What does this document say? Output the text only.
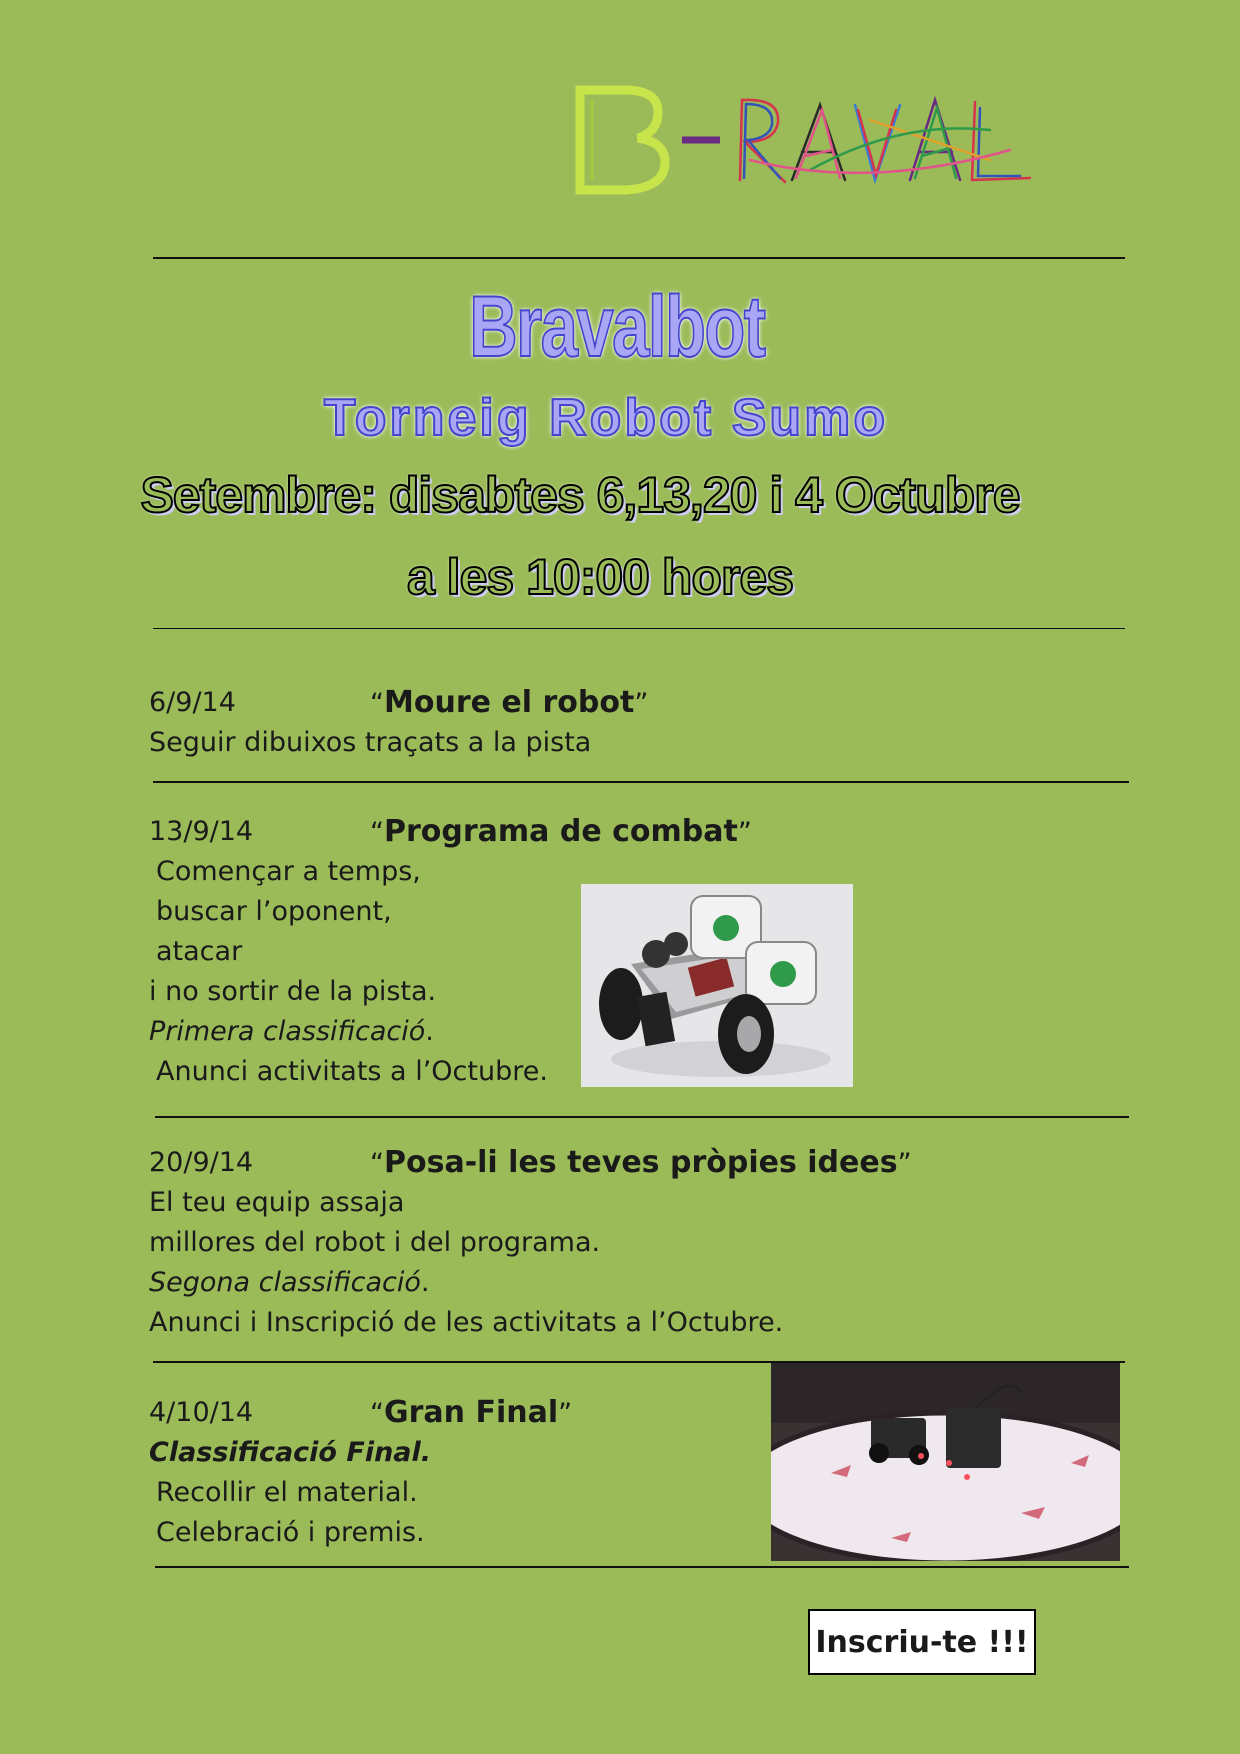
Bravalbot
Torneig Robot Sumo
Setembre: disabtes 6,13,20 i 4 Octubre
a les 10:00 hores
6/9/14	“Moure el robot”
Seguir dibuixos traçats a la pista
13/9/14	“Programa de combat”
Començar a temps,
buscar l’oponent,
atacar
i no sortir de la pista.
Primera classificació.
Anunci activitats a l’Octubre.
20/9/14	“Posa-li les teves pròpies idees”
El teu equip assaja
millores del robot i del programa.
Segona classificació.
Anunci i Inscripció de les activitats a l’Octubre.
4/10/14	“Gran Final”
Classificació Final.
Recollir el material.
Celebració i premis.
Inscriu-te !!!
